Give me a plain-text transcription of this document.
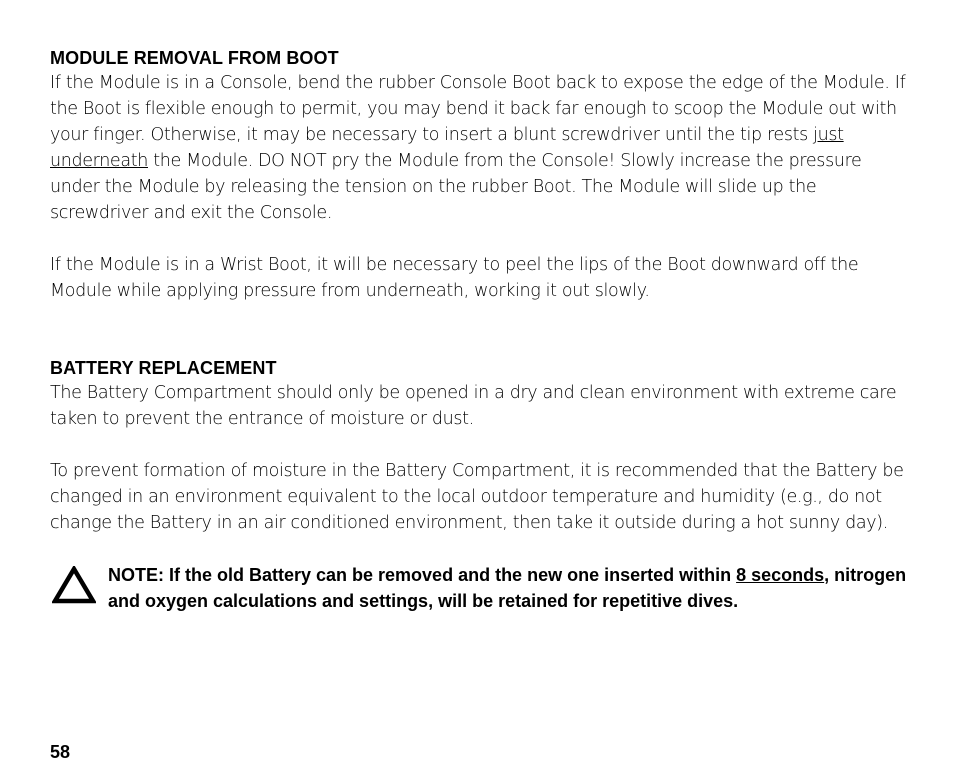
MODULE REMOVAL FROM BOOT

If the Module is in a Console, bend the rubber Console Boot back to expose the edge of the Module. If the Boot is flexible enough to permit, you may bend it back far enough to scoop the Module out with your finger. Otherwise, it may be necessary to insert a blunt screwdriver until the tip rests just underneath the Module. DO NOT pry the Module from the Console! Slowly increase the pressure under the Module by releasing the tension on the rubber Boot. The Module will slide up the screwdriver and exit the Console.

If the Module is in a Wrist Boot, it will be necessary to peel the lips of the Boot downward off the Module while applying pressure from underneath, working it out slowly.

BATTERY REPLACEMENT

The Battery Compartment should only be opened in a dry and clean environment with extreme care taken to prevent the entrance of moisture or dust.

To prevent formation of moisture in the Battery Compartment, it is recommended that the Battery be changed in an environment equivalent to the local outdoor temperature and humidity (e.g., do not change the Battery in an air conditioned environment, then take it outside during a hot sunny day).

NOTE: If the old Battery can be removed and the new one inserted within 8 seconds, nitrogen and oxygen calculations and settings, will be retained for repetitive dives.

58
